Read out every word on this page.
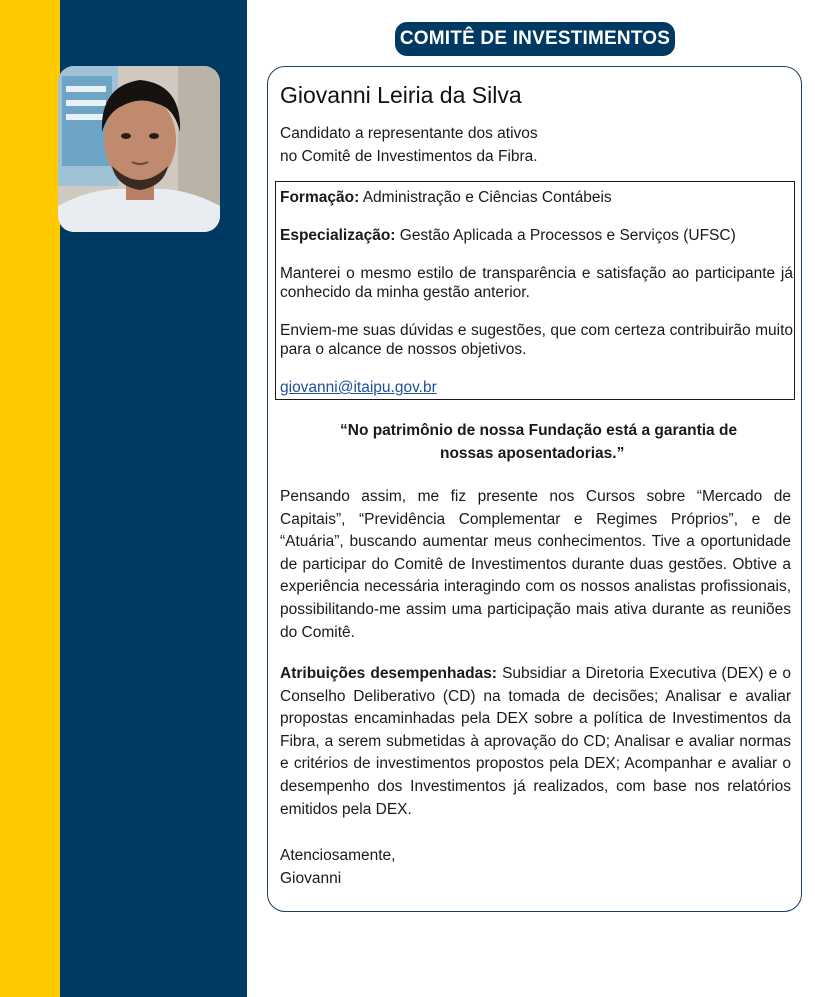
COMITÊ DE INVESTIMENTOS
Giovanni Leiria da Silva

Candidato a representante dos ativos
no Comitê de Investimentos da Fibra.

Formação: Administração e Ciências Contábeis

Especialização: Gestão Aplicada a Processos e Serviços (UFSC)

Manterei o mesmo estilo de transparência e satisfação ao participante já conhecido da minha gestão anterior.

Enviem-me suas dúvidas e sugestões, que com certeza contribuirão muito para o alcance de nossos objetivos.

giovanni@itaipu.gov.br

“No patrimônio de nossa Fundação está a garantia de
nossas aposentadorias.”

Pensando assim, me fiz presente nos Cursos sobre “Mercado de Capitais”, “Previdência Complementar e Regimes Próprios”, e de “Atuária”, buscando aumentar meus conhecimentos. Tive a oportunidade de participar do Comitê de Investimentos durante duas gestões. Obtive a experiência necessária interagindo com os nossos analistas profissionais, possibilitando-me assim uma participação mais ativa durante as reuniões do Comitê.

Atribuições desempenhadas: Subsidiar a Diretoria Executiva (DEX) e o Conselho Deliberativo (CD) na tomada de decisões; Analisar e avaliar propostas encaminhadas pela DEX sobre a política de Investimentos da Fibra, a serem submetidas à aprovação do CD; Analisar e avaliar normas e critérios de investimentos propostos pela DEX; Acompanhar e avaliar o desempenho dos Investimentos já realizados, com base nos relatórios emitidos pela DEX.

Atenciosamente,
Giovanni
